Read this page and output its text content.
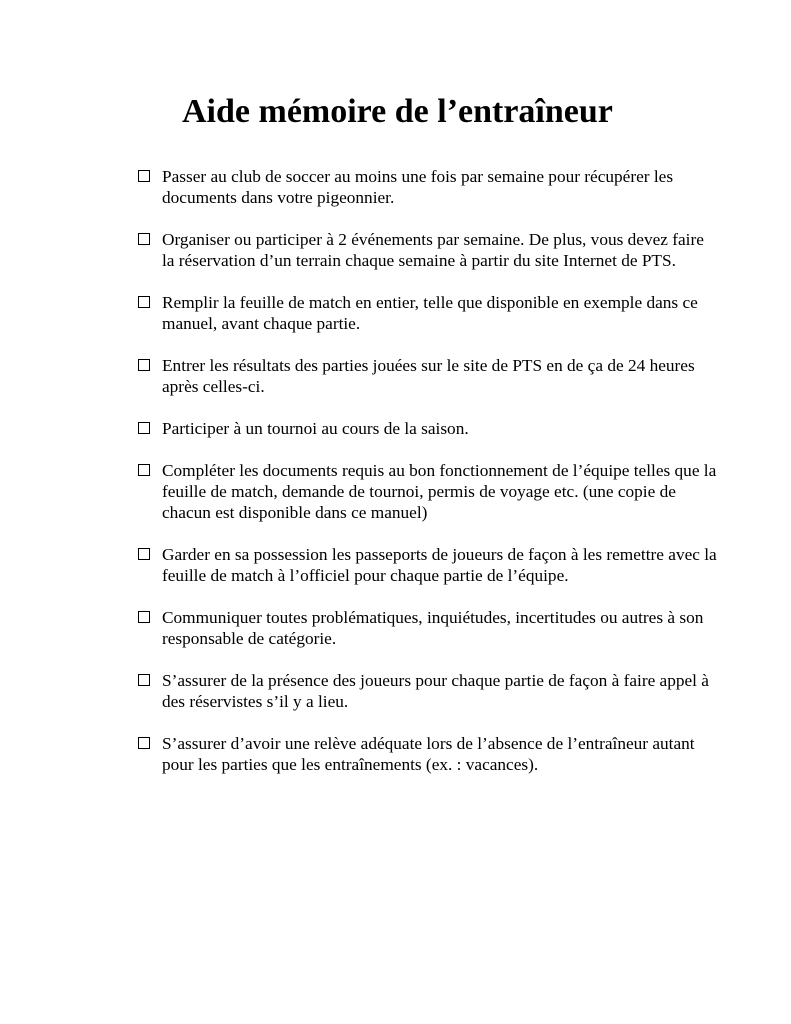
Aide mémoire de l’entraîneur
Passer au club de soccer au moins une fois par semaine pour récupérer les documents dans votre pigeonnier.
Organiser ou participer à 2 événements par semaine. De plus, vous devez faire la réservation d’un terrain chaque semaine à partir du site Internet de PTS.
Remplir la feuille de match en entier, telle que disponible en exemple dans ce manuel, avant chaque partie.
Entrer les résultats des parties jouées sur le site de PTS en de ça de 24 heures après celles-ci.
Participer à un tournoi au cours de la saison.
Compléter les documents requis au bon fonctionnement de l’équipe telles que la feuille de match, demande de tournoi, permis de voyage etc. (une copie de chacun est disponible dans ce manuel)
Garder en sa possession les passeports de joueurs de façon à les remettre avec la feuille de match à l’officiel pour chaque partie de l’équipe.
Communiquer toutes problématiques, inquiétudes, incertitudes ou autres à son responsable de catégorie.
S’assurer de la présence des joueurs pour chaque partie de façon à faire appel à des réservistes s’il y a lieu.
S’assurer d’avoir une relève adéquate lors de l’absence de l’entraîneur autant pour les parties que les entraînements (ex. : vacances).
